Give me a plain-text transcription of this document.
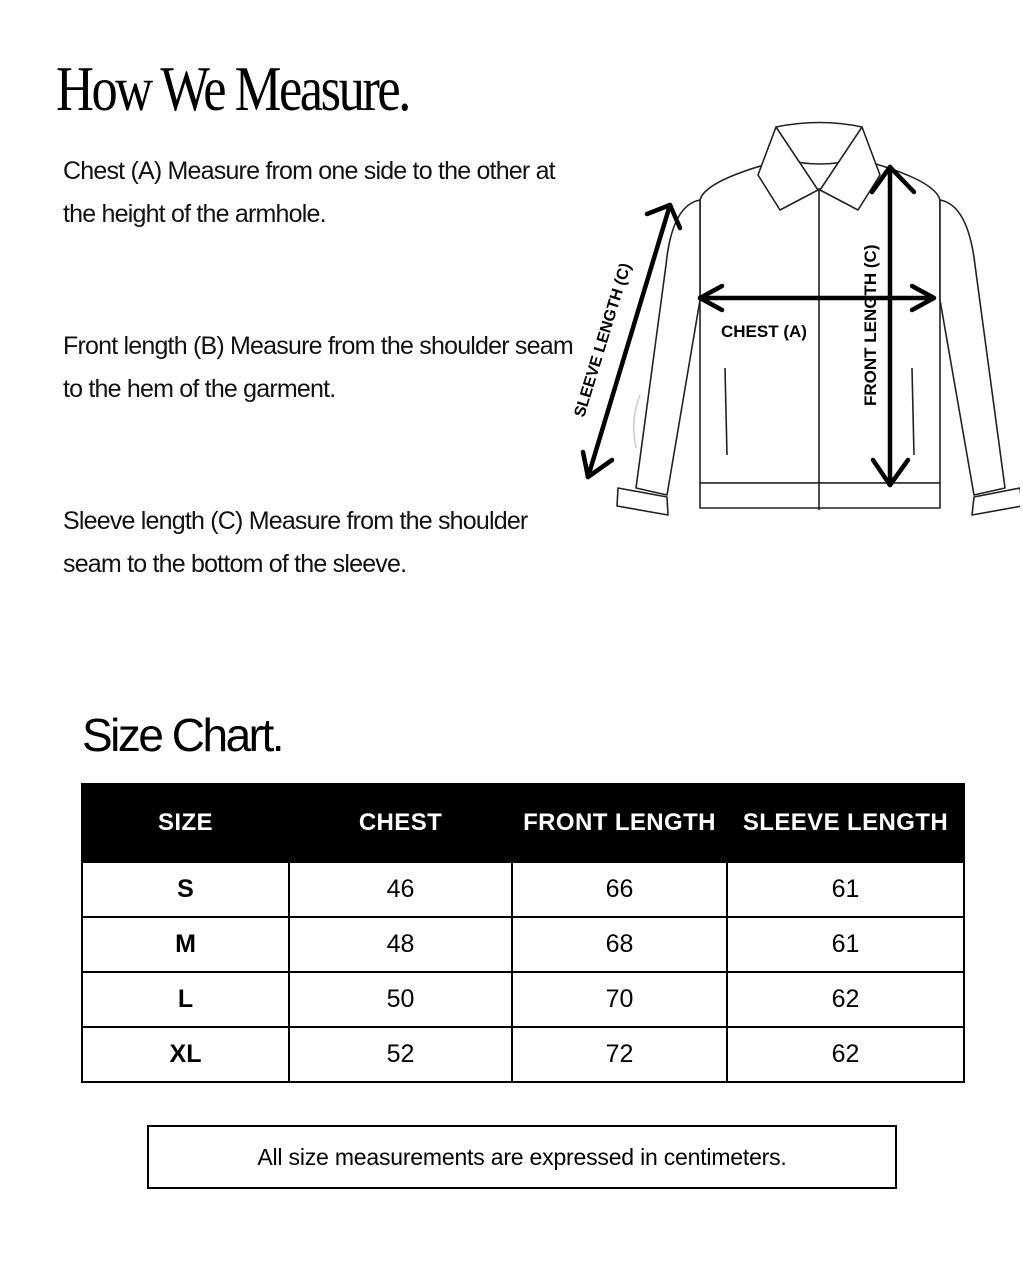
How We Measure.
Chest (A) Measure from one side to the other at the height of the armhole.
Front length (B) Measure from the shoulder seam to the hem of the garment.
Sleeve length (C) Measure from the shoulder seam to the bottom of the sleeve.
SLEEVE LENGTH (C)	CHEST (A)	FRONT LENGTH (C)
Size Chart.
SIZE	CHEST	FRONT LENGTH	SLEEVE LENGTH
S	46	66	61
M	48	68	61
L	50	70	62
XL	52	72	62
All size measurements are expressed in centimeters.
